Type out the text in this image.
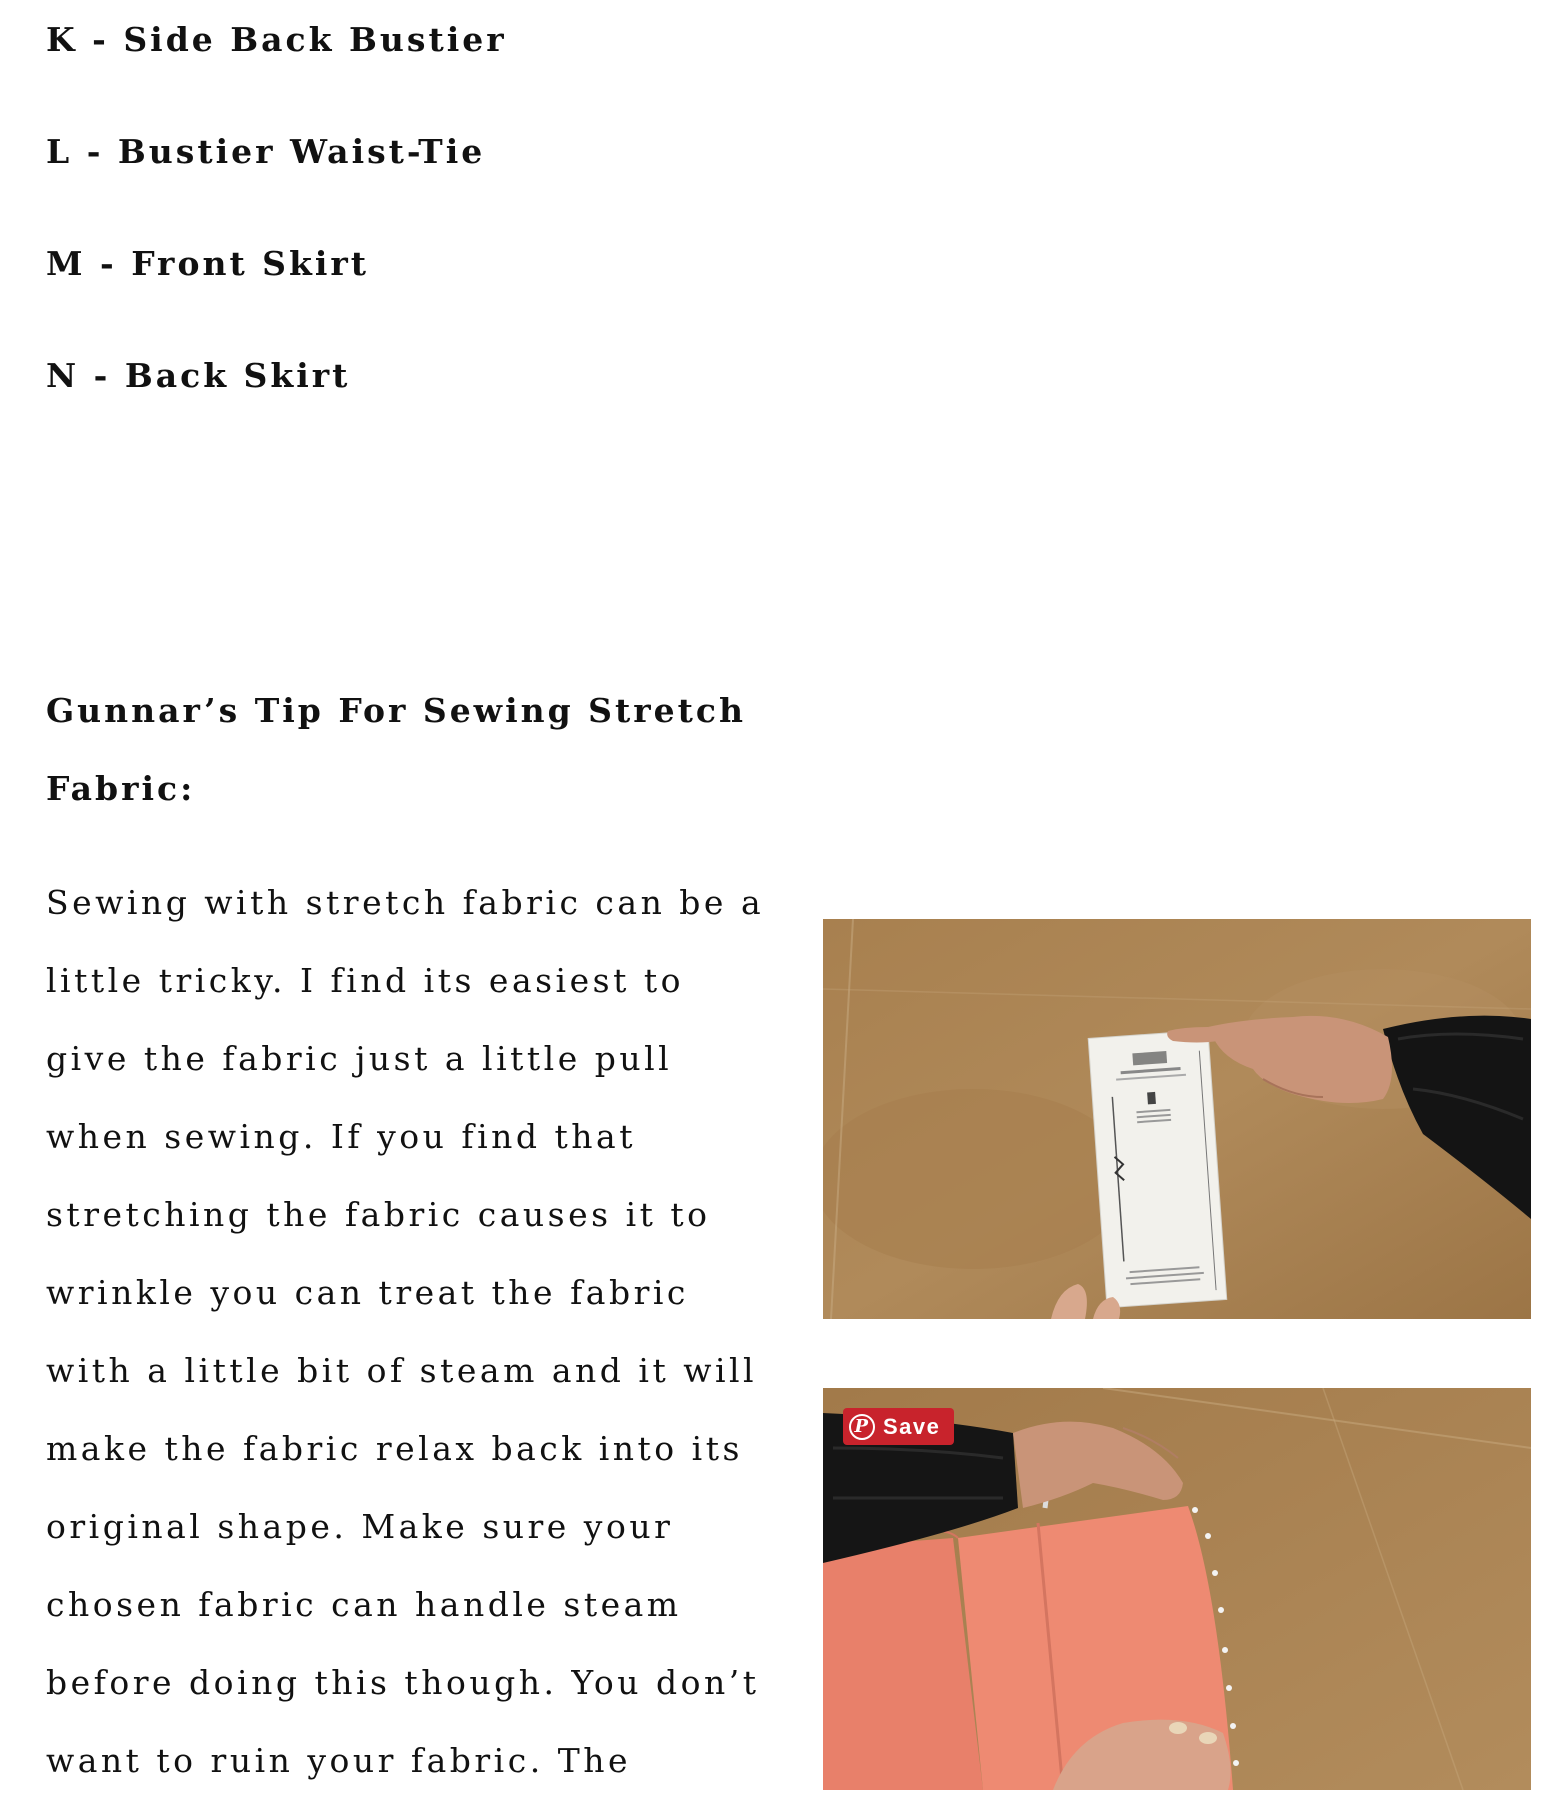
K - Side Back Bustier

L - Bustier Waist-Tie

M - Front Skirt

N - Back Skirt

Gunnar’s Tip For Sewing Stretch Fabric:

Sewing with stretch fabric can be a little tricky. I find its easiest to give the fabric just a little pull when sewing. If you find that stretching the fabric causes it to wrinkle you can treat the fabric with a little bit of steam and it will make the fabric relax back into its original shape. Make sure your chosen fabric can handle steam before doing this though. You don’t want to ruin your fabric. The

P Save
